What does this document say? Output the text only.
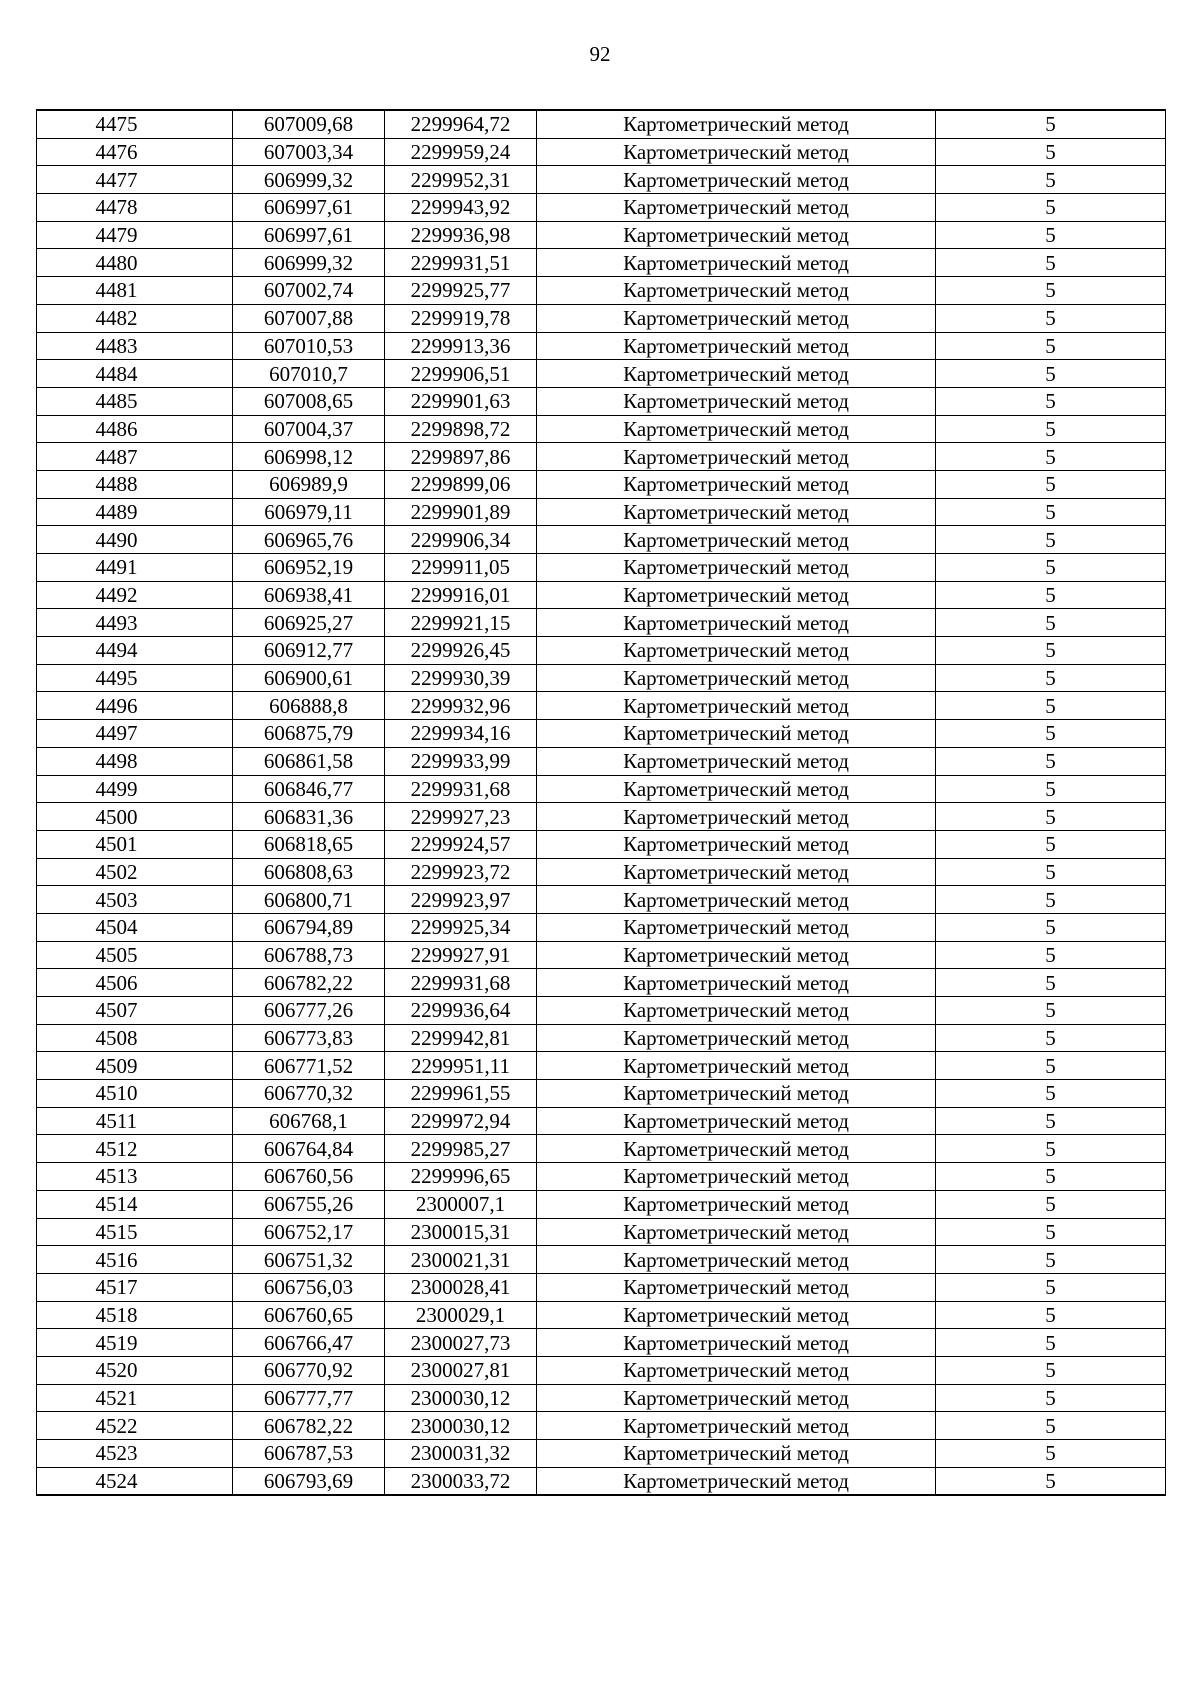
92
4475	607009,68	2299964,72	Картометрический метод	5
4476	607003,34	2299959,24	Картометрический метод	5
4477	606999,32	2299952,31	Картометрический метод	5
4478	606997,61	2299943,92	Картометрический метод	5
4479	606997,61	2299936,98	Картометрический метод	5
4480	606999,32	2299931,51	Картометрический метод	5
4481	607002,74	2299925,77	Картометрический метод	5
4482	607007,88	2299919,78	Картометрический метод	5
4483	607010,53	2299913,36	Картометрический метод	5
4484	607010,7	2299906,51	Картометрический метод	5
4485	607008,65	2299901,63	Картометрический метод	5
4486	607004,37	2299898,72	Картометрический метод	5
4487	606998,12	2299897,86	Картометрический метод	5
4488	606989,9	2299899,06	Картометрический метод	5
4489	606979,11	2299901,89	Картометрический метод	5
4490	606965,76	2299906,34	Картометрический метод	5
4491	606952,19	2299911,05	Картометрический метод	5
4492	606938,41	2299916,01	Картометрический метод	5
4493	606925,27	2299921,15	Картометрический метод	5
4494	606912,77	2299926,45	Картометрический метод	5
4495	606900,61	2299930,39	Картометрический метод	5
4496	606888,8	2299932,96	Картометрический метод	5
4497	606875,79	2299934,16	Картометрический метод	5
4498	606861,58	2299933,99	Картометрический метод	5
4499	606846,77	2299931,68	Картометрический метод	5
4500	606831,36	2299927,23	Картометрический метод	5
4501	606818,65	2299924,57	Картометрический метод	5
4502	606808,63	2299923,72	Картометрический метод	5
4503	606800,71	2299923,97	Картометрический метод	5
4504	606794,89	2299925,34	Картометрический метод	5
4505	606788,73	2299927,91	Картометрический метод	5
4506	606782,22	2299931,68	Картометрический метод	5
4507	606777,26	2299936,64	Картометрический метод	5
4508	606773,83	2299942,81	Картометрический метод	5
4509	606771,52	2299951,11	Картометрический метод	5
4510	606770,32	2299961,55	Картометрический метод	5
4511	606768,1	2299972,94	Картометрический метод	5
4512	606764,84	2299985,27	Картометрический метод	5
4513	606760,56	2299996,65	Картометрический метод	5
4514	606755,26	2300007,1	Картометрический метод	5
4515	606752,17	2300015,31	Картометрический метод	5
4516	606751,32	2300021,31	Картометрический метод	5
4517	606756,03	2300028,41	Картометрический метод	5
4518	606760,65	2300029,1	Картометрический метод	5
4519	606766,47	2300027,73	Картометрический метод	5
4520	606770,92	2300027,81	Картометрический метод	5
4521	606777,77	2300030,12	Картометрический метод	5
4522	606782,22	2300030,12	Картометрический метод	5
4523	606787,53	2300031,32	Картометрический метод	5
4524	606793,69	2300033,72	Картометрический метод	5
